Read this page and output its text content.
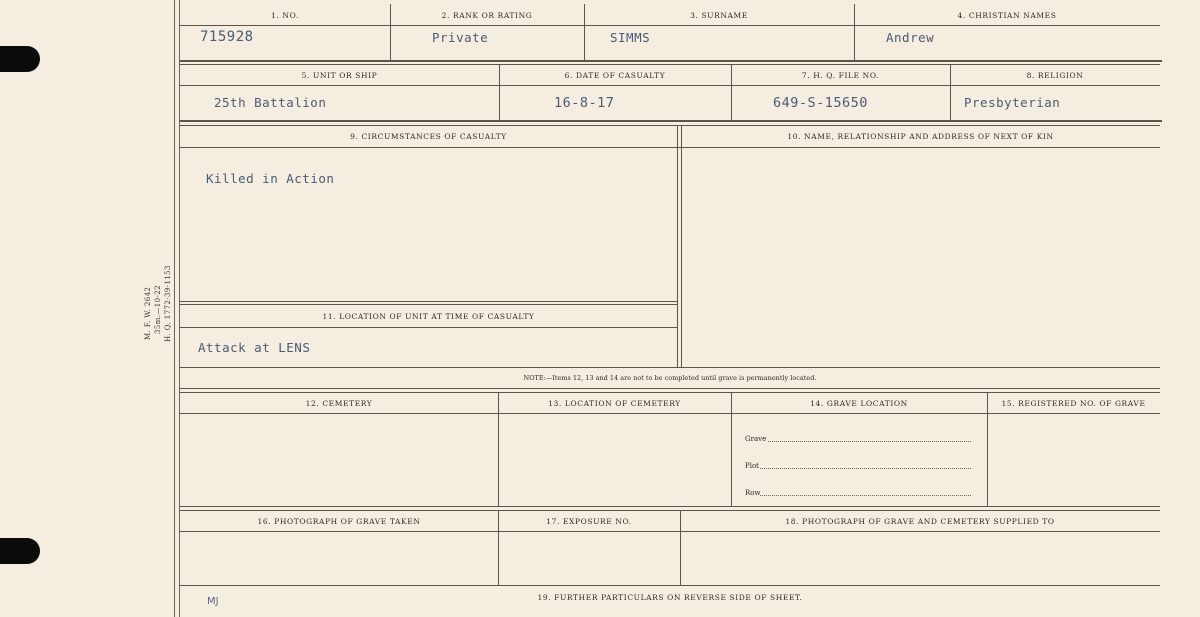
M. F. W. 2642 35m.—10-22 H. Q. 1772-39-1153
1. NO.	2. RANK OR RATING	3. SURNAME	4. CHRISTIAN NAMES
715928	Private	SIMMS	Andrew
5. UNIT OR SHIP	6. DATE OF CASUALTY	7. H. Q. FILE NO.	8. RELIGION
25th Battalion	16-8-17	649-S-15650	Presbyterian
9. CIRCUMSTANCES OF CASUALTY	10. NAME, RELATIONSHIP AND ADDRESS OF NEXT OF KIN
Killed in Action
11. LOCATION OF UNIT AT TIME OF CASUALTY
Attack at LENS
NOTE:—Items 12, 13 and 14 are not to be completed until grave is permanently located.
12. CEMETERY	13. LOCATION OF CEMETERY	14. GRAVE LOCATION	15. REGISTERED NO. OF GRAVE
Grave
Plot
Row
16. PHOTOGRAPH OF GRAVE TAKEN	17. EXPOSURE NO.	18. PHOTOGRAPH OF GRAVE AND CEMETERY SUPPLIED TO
MJ	19. FURTHER PARTICULARS ON REVERSE SIDE OF SHEET.
